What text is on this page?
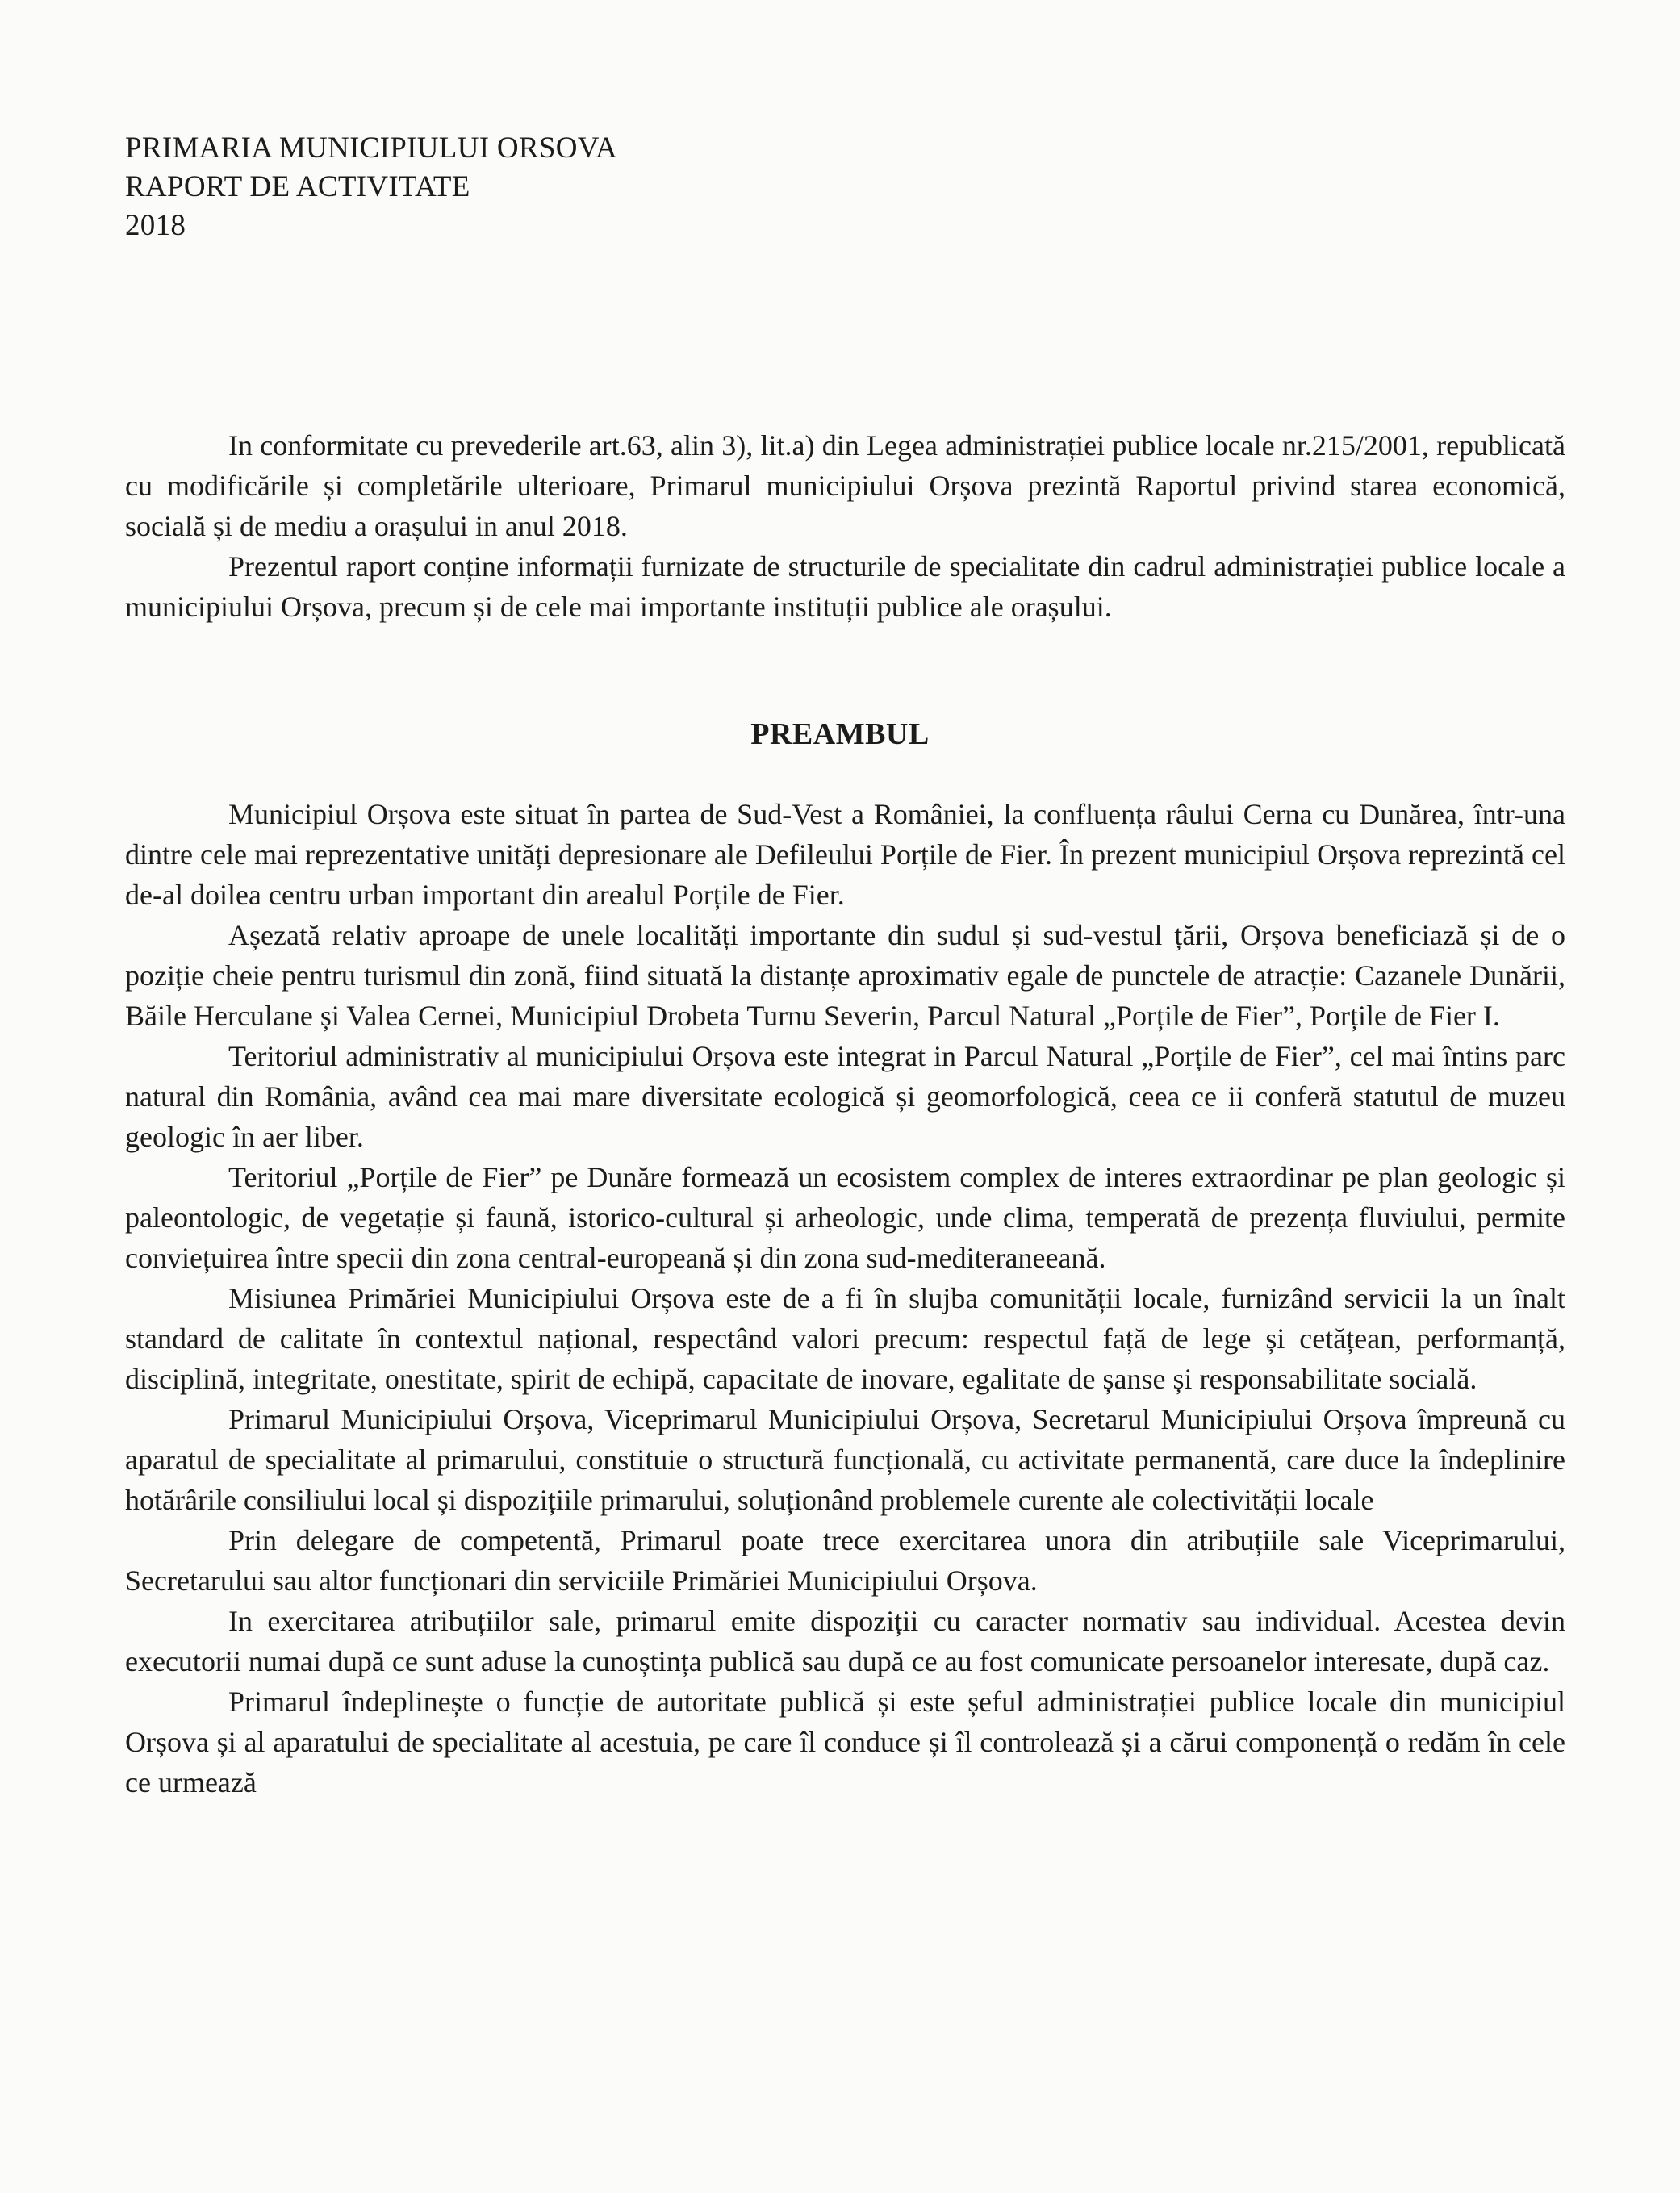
PRIMARIA MUNICIPIULUI ORSOVA
RAPORT DE ACTIVITATE
2018

In conformitate cu prevederile art.63, alin 3), lit.a) din Legea administrației publice locale nr.215/2001, republicată cu modificările și completările ulterioare, Primarul municipiului Orșova prezintă Raportul privind starea economică, socială și de mediu a orașului in anul 2018.

Prezentul raport conține informații furnizate de structurile de specialitate din cadrul administrației publice locale a municipiului Orșova, precum și de cele mai importante instituții publice ale orașului.

PREAMBUL

Municipiul Orșova este situat în partea de Sud-Vest a României, la confluența râului Cerna cu Dunărea, într-una dintre cele mai reprezentative unități depresionare ale Defileului Porțile de Fier. În prezent municipiul Orșova reprezintă cel de-al doilea centru urban important din arealul Porțile de Fier.

Așezată relativ aproape de unele localități importante din sudul și sud-vestul țării, Orșova beneficiază și de o poziție cheie pentru turismul din zonă, fiind situată la distanțe aproximativ egale de punctele de atracție: Cazanele Dunării, Băile Herculane și Valea Cernei, Municipiul Drobeta Turnu Severin, Parcul Natural „Porțile de Fier”, Porțile de Fier I.

Teritoriul administrativ al municipiului Orșova este integrat in Parcul Natural „Porțile de Fier”, cel mai întins parc natural din România, având cea mai mare diversitate ecologică și geomorfologică, ceea ce ii conferă statutul de muzeu geologic în aer liber.

Teritoriul „Porțile de Fier” pe Dunăre formează un ecosistem complex de interes extraordinar pe plan geologic și paleontologic, de vegetație și faună, istorico-cultural și arheologic, unde clima, temperată de prezența fluviului, permite conviețuirea între specii din zona central-europeană și din zona sud-mediteraneeană.

Misiunea Primăriei Municipiului Orșova este de a fi în slujba comunității locale, furnizând servicii la un înalt standard de calitate în contextul național, respectând valori precum: respectul față de lege și cetățean, performanță, disciplină, integritate, onestitate, spirit de echipă, capacitate de inovare, egalitate de șanse și responsabilitate socială.

Primarul Municipiului Orșova, Viceprimarul Municipiului Orșova, Secretarul Municipiului Orșova împreună cu aparatul de specialitate al primarului, constituie o structură funcțională, cu activitate permanentă, care duce la îndeplinire hotărârile consiliului local și dispozițiile primarului, soluționând problemele curente ale colectivității locale

Prin delegare de competentă, Primarul poate trece exercitarea unora din atribuțiile sale Viceprimarului, Secretarului sau altor funcționari din serviciile Primăriei Municipiului Orșova.

In exercitarea atribuțiilor sale, primarul emite dispoziții cu caracter normativ sau individual. Acestea devin executorii numai după ce sunt aduse la cunoștința publică sau după ce au fost comunicate persoanelor interesate, după caz.

Primarul îndeplinește o funcție de autoritate publică și este șeful administrației publice locale din municipiul Orșova și al aparatului de specialitate al acestuia, pe care îl conduce și îl controlează și a cărui componență o redăm în cele ce urmează
